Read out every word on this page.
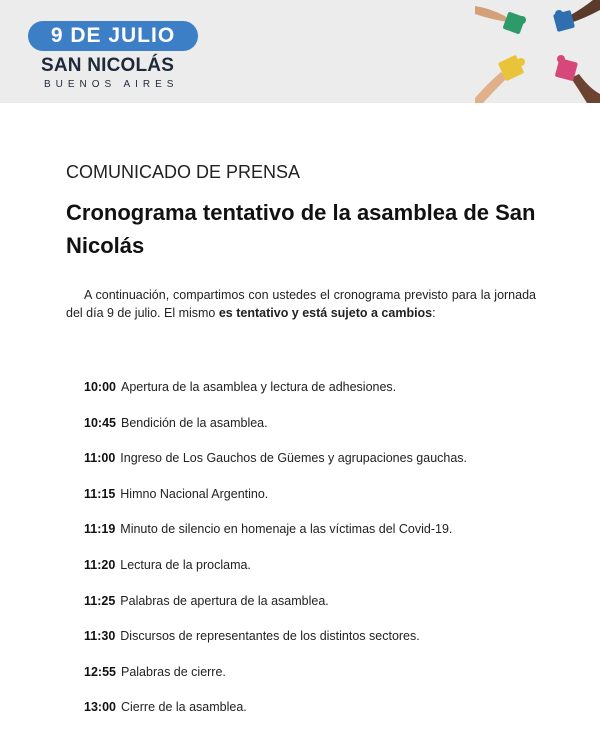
9 DE JULIO
SAN NICOLÁS
BUENOS AIRES
COMUNICADO DE PRENSA
Cronograma tentativo de la asamblea de San Nicolás

A continuación, compartimos con ustedes el cronograma previsto para la jornada del día 9 de julio. El mismo es tentativo y está sujeto a cambios:

10:00 Apertura de la asamblea y lectura de adhesiones.
10:45 Bendición de la asamblea.
11:00 Ingreso de Los Gauchos de Güemes y agrupaciones gauchas.
11:15 Himno Nacional Argentino.
11:19 Minuto de silencio en homenaje a las víctimas del Covid-19.
11:20 Lectura de la proclama.
11:25 Palabras de apertura de la asamblea.
11:30 Discursos de representantes de los distintos sectores.
12:55 Palabras de cierre.
13:00 Cierre de la asamblea.
